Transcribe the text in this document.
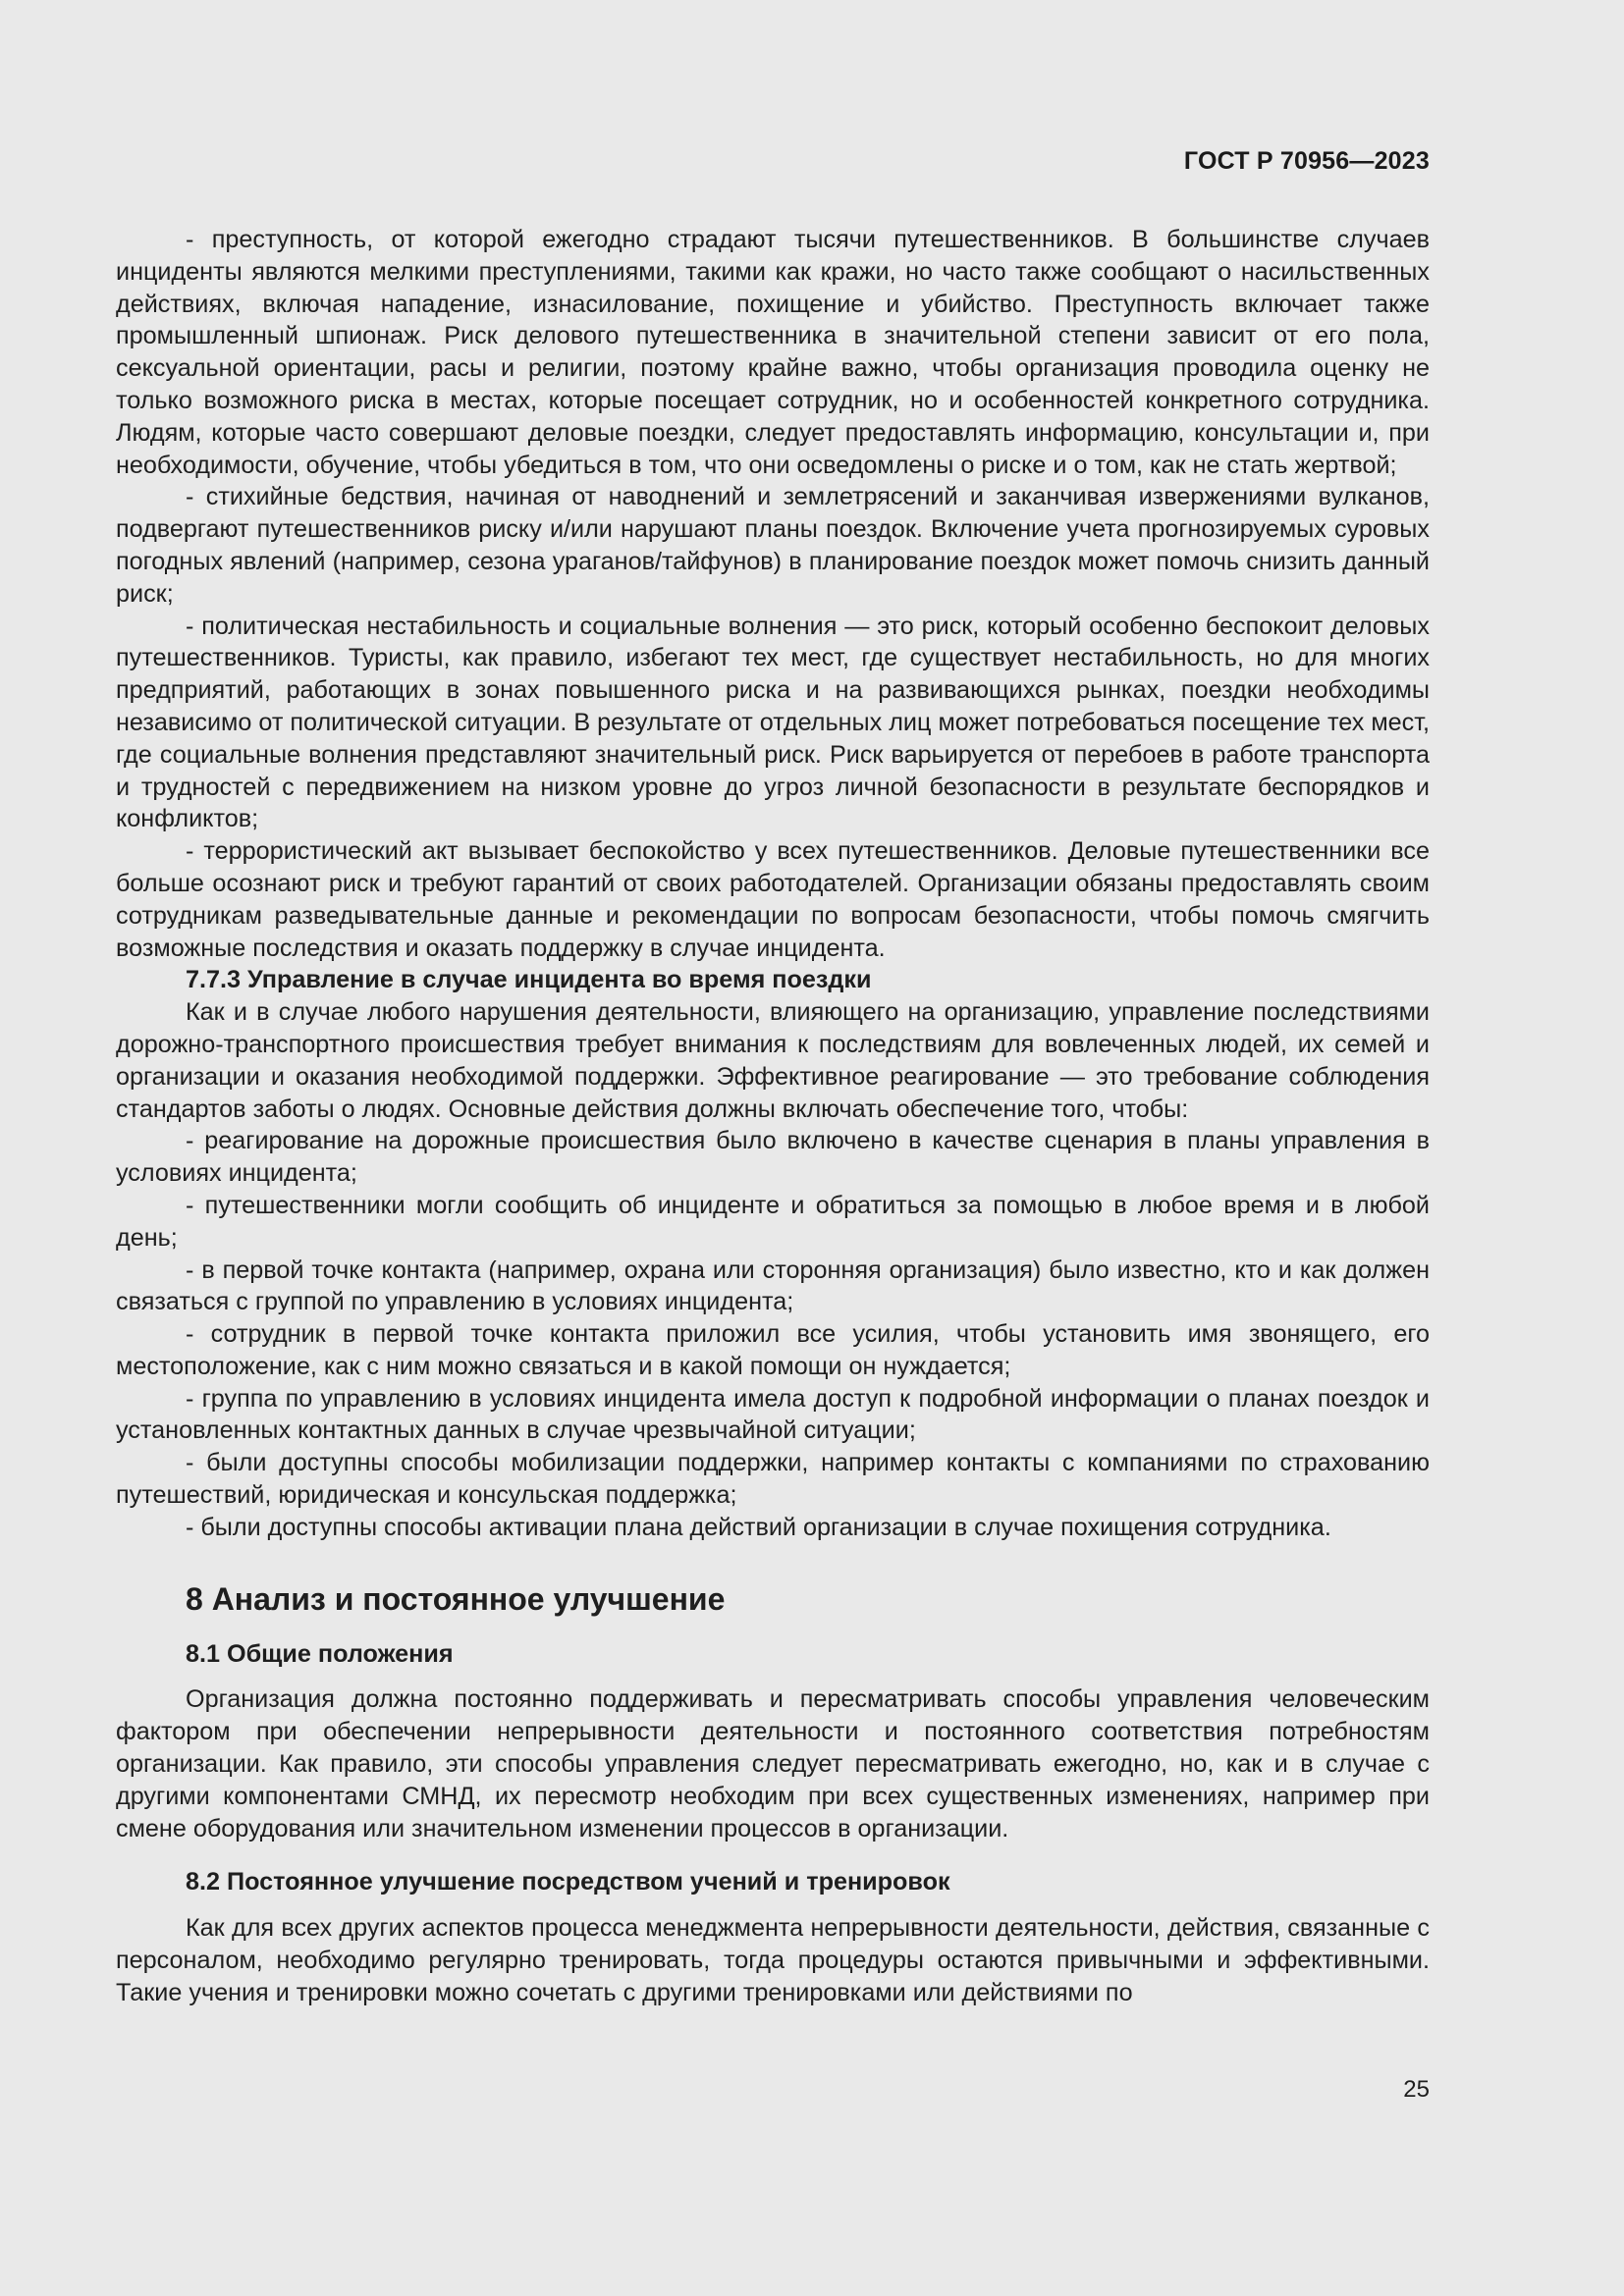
ГОСТ Р 70956—2023

- преступность, от которой ежегодно страдают тысячи путешественников. В большинстве случаев инциденты являются мелкими преступлениями, такими как кражи, но часто также сообщают о насильственных действиях, включая нападение, изнасилование, похищение и убийство. Преступность включает также промышленный шпионаж. Риск делового путешественника в значительной степени зависит от его пола, сексуальной ориентации, расы и религии, поэтому крайне важно, чтобы организация проводила оценку не только возможного риска в местах, которые посещает сотрудник, но и особенностей конкретного сотрудника. Людям, которые часто совершают деловые поездки, следует предоставлять информацию, консультации и, при необходимости, обучение, чтобы убедиться в том, что они осведомлены о риске и о том, как не стать жертвой;

- стихийные бедствия, начиная от наводнений и землетрясений и заканчивая извержениями вулканов, подвергают путешественников риску и/или нарушают планы поездок. Включение учета прогнозируемых суровых погодных явлений (например, сезона ураганов/тайфунов) в планирование поездок может помочь снизить данный риск;

- политическая нестабильность и социальные волнения — это риск, который особенно беспокоит деловых путешественников. Туристы, как правило, избегают тех мест, где существует нестабильность, но для многих предприятий, работающих в зонах повышенного риска и на развивающихся рынках, поездки необходимы независимо от политической ситуации. В результате от отдельных лиц может потребоваться посещение тех мест, где социальные волнения представляют значительный риск. Риск варьируется от перебоев в работе транспорта и трудностей с передвижением на низком уровне до угроз личной безопасности в результате беспорядков и конфликтов;

- террористический акт вызывает беспокойство у всех путешественников. Деловые путешественники все больше осознают риск и требуют гарантий от своих работодателей. Организации обязаны предоставлять своим сотрудникам разведывательные данные и рекомендации по вопросам безопасности, чтобы помочь смягчить возможные последствия и оказать поддержку в случае инцидента.

7.7.3 Управление в случае инцидента во время поездки

Как и в случае любого нарушения деятельности, влияющего на организацию, управление последствиями дорожно-транспортного происшествия требует внимания к последствиям для вовлеченных людей, их семей и организации и оказания необходимой поддержки. Эффективное реагирование — это требование соблюдения стандартов заботы о людях. Основные действия должны включать обеспечение того, чтобы:

- реагирование на дорожные происшествия было включено в качестве сценария в планы управления в условиях инцидента;

- путешественники могли сообщить об инциденте и обратиться за помощью в любое время и в любой день;

- в первой точке контакта (например, охрана или сторонняя организация) было известно, кто и как должен связаться с группой по управлению в условиях инцидента;

- сотрудник в первой точке контакта приложил все усилия, чтобы установить имя звонящего, его местоположение, как с ним можно связаться и в какой помощи он нуждается;

- группа по управлению в условиях инцидента имела доступ к подробной информации о планах поездок и установленных контактных данных в случае чрезвычайной ситуации;

- были доступны способы мобилизации поддержки, например контакты с компаниями по страхованию путешествий, юридическая и консульская поддержка;

- были доступны способы активации плана действий организации в случае похищения сотрудника.

8 Анализ и постоянное улучшение
8.1 Общие положения

Организация должна постоянно поддерживать и пересматривать способы управления человеческим фактором при обеспечении непрерывности деятельности и постоянного соответствия потребностям организации. Как правило, эти способы управления следует пересматривать ежегодно, но, как и в случае с другими компонентами СМНД, их пересмотр необходим при всех существенных изменениях, например при смене оборудования или значительном изменении процессов в организации.

8.2 Постоянное улучшение посредством учений и тренировок

Как для всех других аспектов процесса менеджмента непрерывности деятельности, действия, связанные с персоналом, необходимо регулярно тренировать, тогда процедуры остаются привычными и эффективными. Такие учения и тренировки можно сочетать с другими тренировками или действиями по

25
